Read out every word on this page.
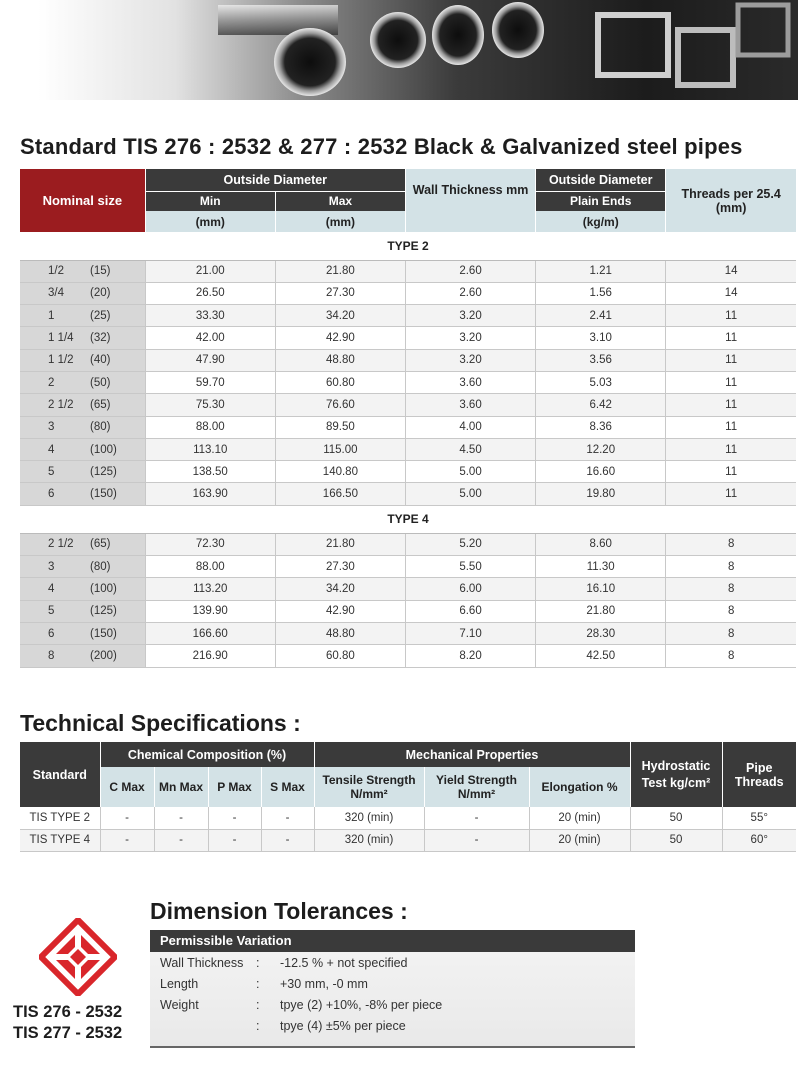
Standard TIS 276 : 2532 & 277 : 2532 Black & Galvanized steel pipes
Nominal size	Outside Diameter		Wall Thickness mm	Outside Diameter	Threads per 25.4 (mm)
	Min	Max		Plain Ends	
	(mm)	(mm)		(kg/m)	
TYPE 2					
1/2 (15)	21.00	21.80	2.60	1.21	14
3/4 (20)	26.50	27.30	2.60	1.56	14
1 (25)	33.30	34.20	3.20	2.41	11
1 1/4 (32)	42.00	42.90	3.20	3.10	11
1 1/2 (40)	47.90	48.80	3.20	3.56	11
2 (50)	59.70	60.80	3.60	5.03	11
2 1/2 (65)	75.30	76.60	3.60	6.42	11
3 (80)	88.00	89.50	4.00	8.36	11
4 (100)	113.10	115.00	4.50	12.20	11
5 (125)	138.50	140.80	5.00	16.60	11
6 (150)	163.90	166.50	5.00	19.80	11
TYPE 4					
2 1/2 (65)	72.30	21.80	5.20	8.60	8
3 (80)	88.00	27.30	5.50	11.30	8
4 (100)	113.20	34.20	6.00	16.10	8
5 (125)	139.90	42.90	6.60	21.80	8
6 (150)	166.60	48.80	7.10	28.30	8
8 (200)	216.90	60.80	8.20	42.50	8
Technical Specifications :
Standard	Chemical Composition (%)				Mechanical Properties			Hydrostatic Test kg/cm²	Pipe Threads
	C Max	Mn Max	P Max	S Max	Tensile Strength N/mm²	Yield Strength N/mm²	Elongation %		
TIS TYPE 2	-	-	-	-	320 (min)	-	20 (min)	50	55°
TIS TYPE 4	-	-	-	-	320 (min)	-	20 (min)	50	60°
TIS 276 - 2532
TIS 277 - 2532
Dimension Tolerances :
Permissible Variation
Wall Thickness : -12.5 % + not specified
Length	: +30 mm, -0 mm
Weight	: tpye (2) +10%, -8% per piece
: tpye (4) ±5% per piece
